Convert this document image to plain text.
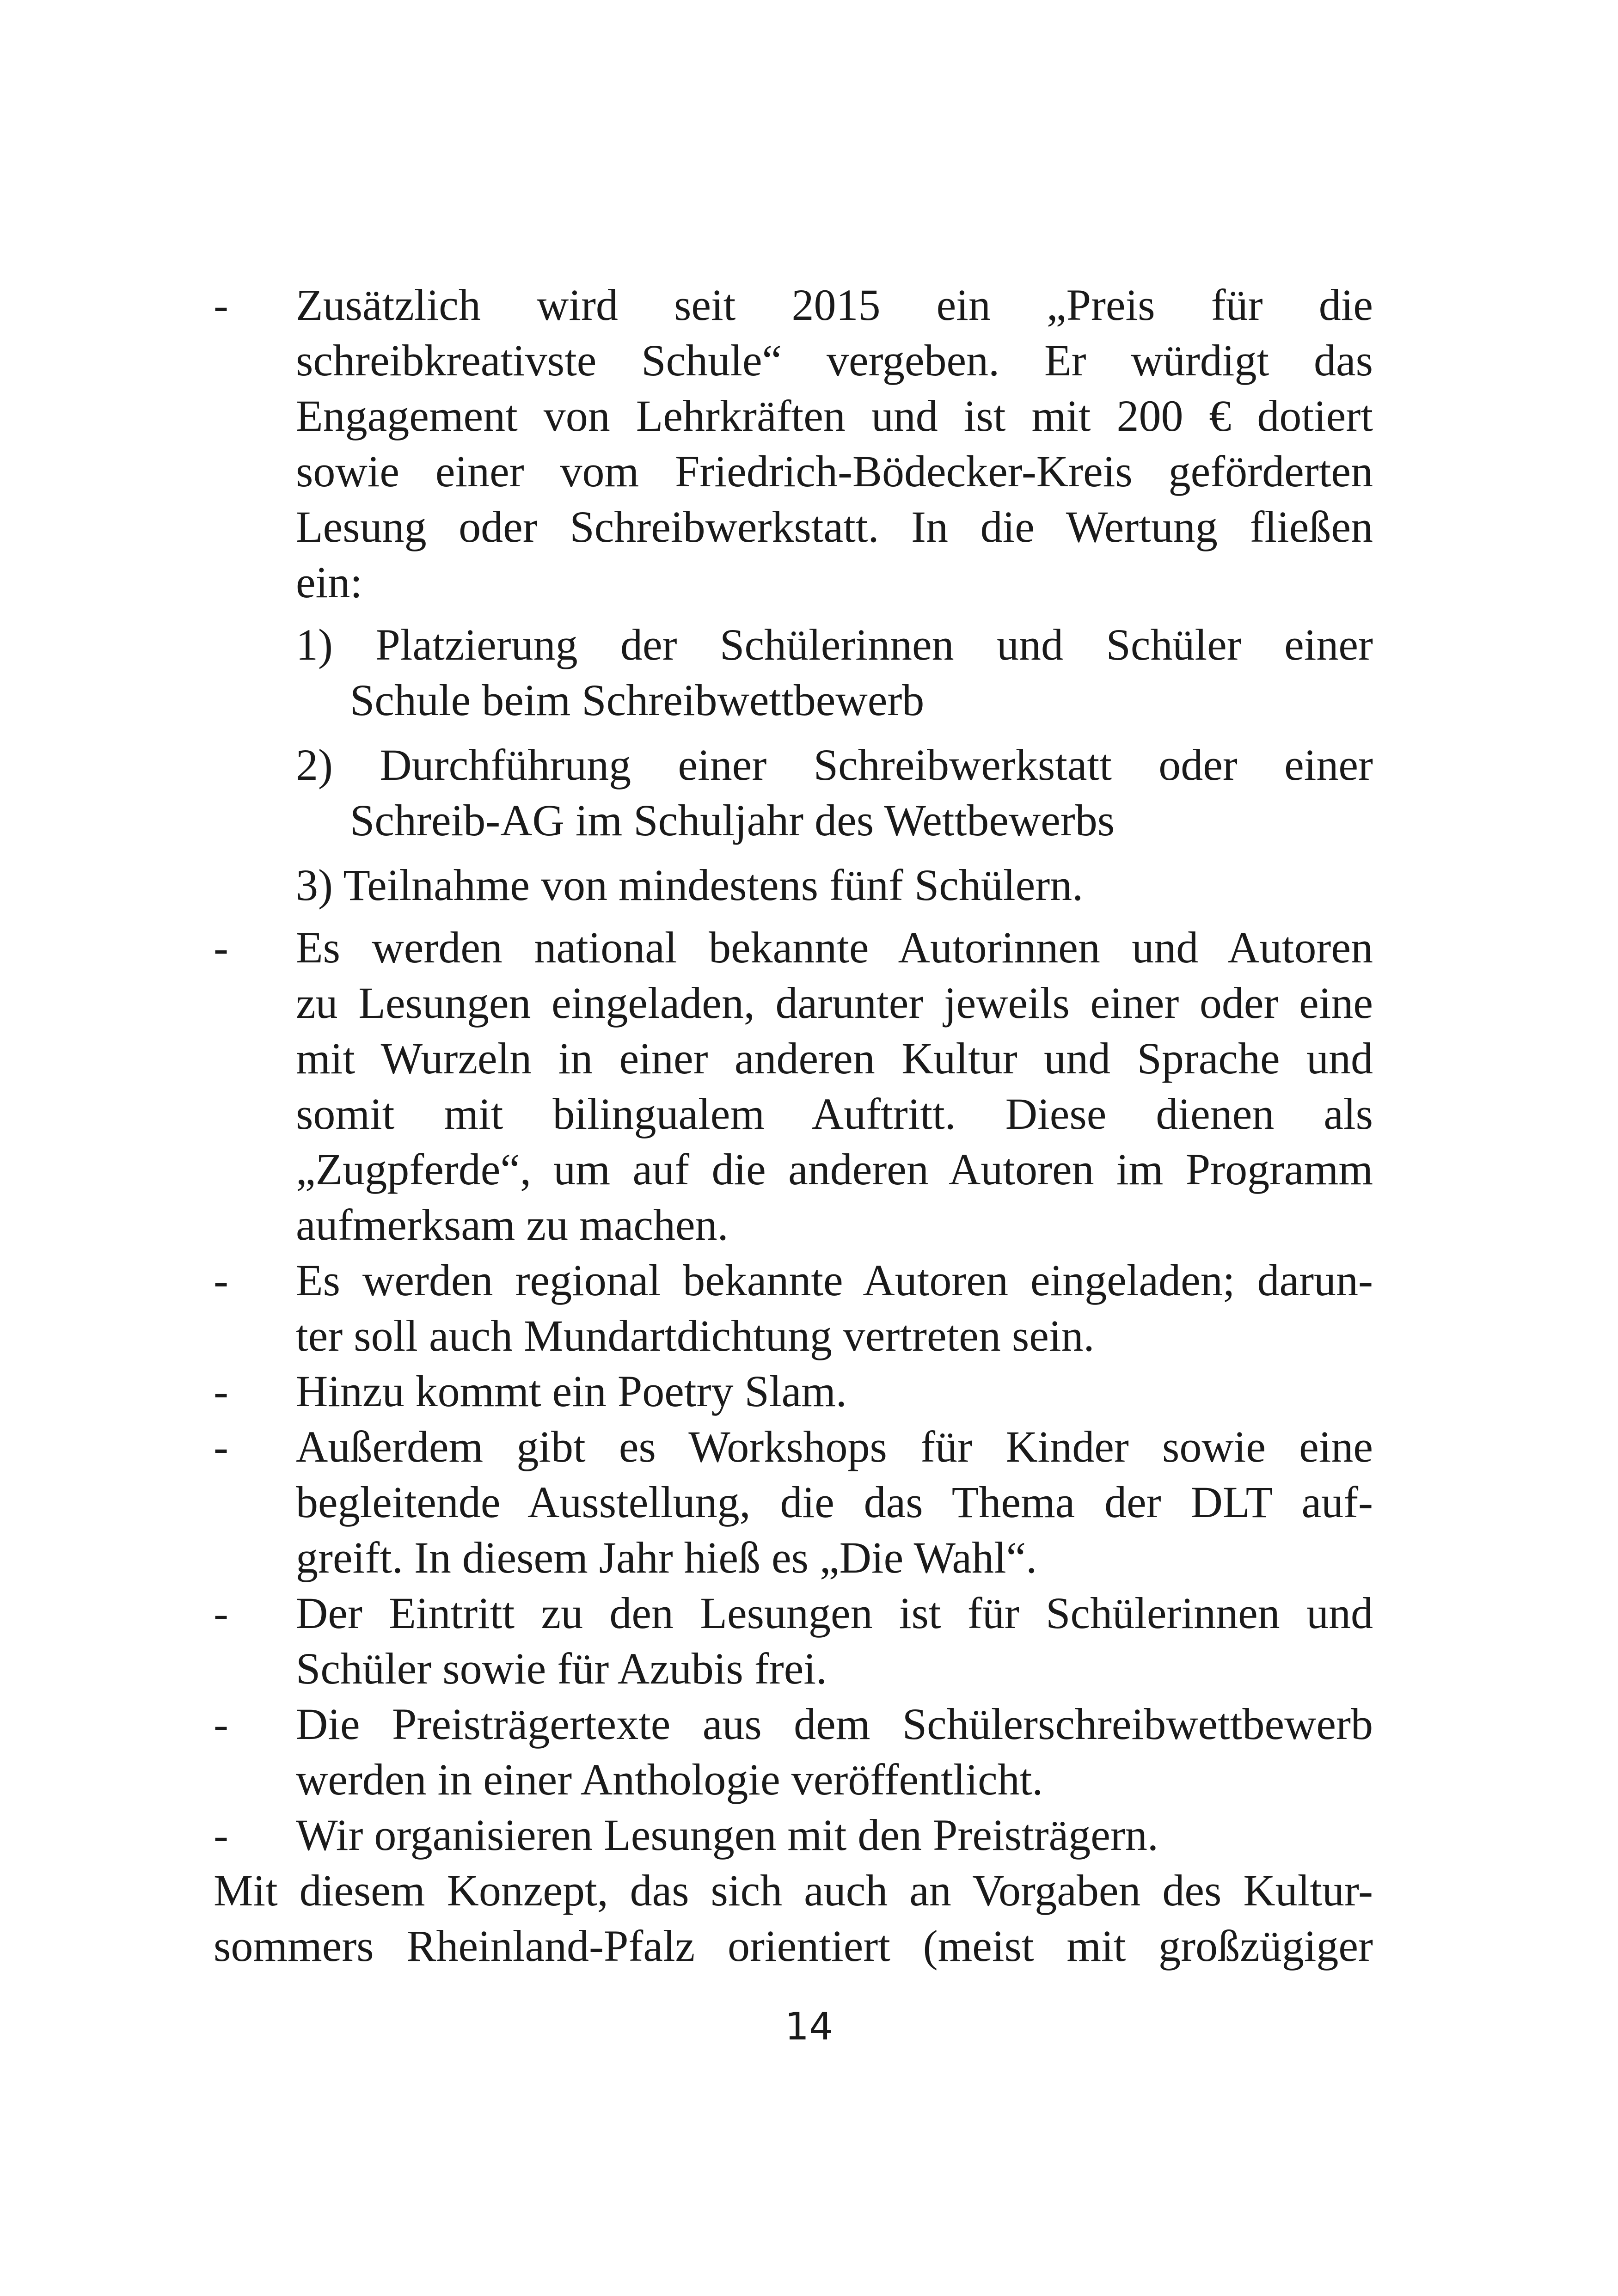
- Zusätzlich wird seit 2015 ein „Preis für die
schreibkreativste Schule“ vergeben. Er würdigt das
Engagement von Lehrkräften und ist mit 200 € dotiert
sowie einer vom Friedrich-Bödecker-Kreis geförderten
Lesung oder Schreibwerkstatt. In die Wertung fließen
ein:
1) Platzierung der Schülerinnen und Schüler einer
Schule beim Schreibwettbewerb
2) Durchführung einer Schreibwerkstatt oder einer
Schreib-AG im Schuljahr des Wettbewerbs
3) Teilnahme von mindestens fünf Schülern.
- Es werden national bekannte Autorinnen und Autoren
zu Lesungen eingeladen, darunter jeweils einer oder eine
mit Wurzeln in einer anderen Kultur und Sprache und
somit mit bilingualem Auftritt. Diese dienen als
„Zugpferde“, um auf die anderen Autoren im Programm
aufmerksam zu machen.
- Es werden regional bekannte Autoren eingeladen; darun-
ter soll auch Mundartdichtung vertreten sein.
- Hinzu kommt ein Poetry Slam.
- Außerdem gibt es Workshops für Kinder sowie eine
begleitende Ausstellung, die das Thema der DLT auf-
greift. In diesem Jahr hieß es „Die Wahl“.
- Der Eintritt zu den Lesungen ist für Schülerinnen und
Schüler sowie für Azubis frei.
- Die Preisträgertexte aus dem Schülerschreibwettbewerb
werden in einer Anthologie veröffentlicht.
- Wir organisieren Lesungen mit den Preisträgern.
Mit diesem Konzept, das sich auch an Vorgaben des Kultur-
sommers Rheinland-Pfalz orientiert (meist mit großzügiger
14
